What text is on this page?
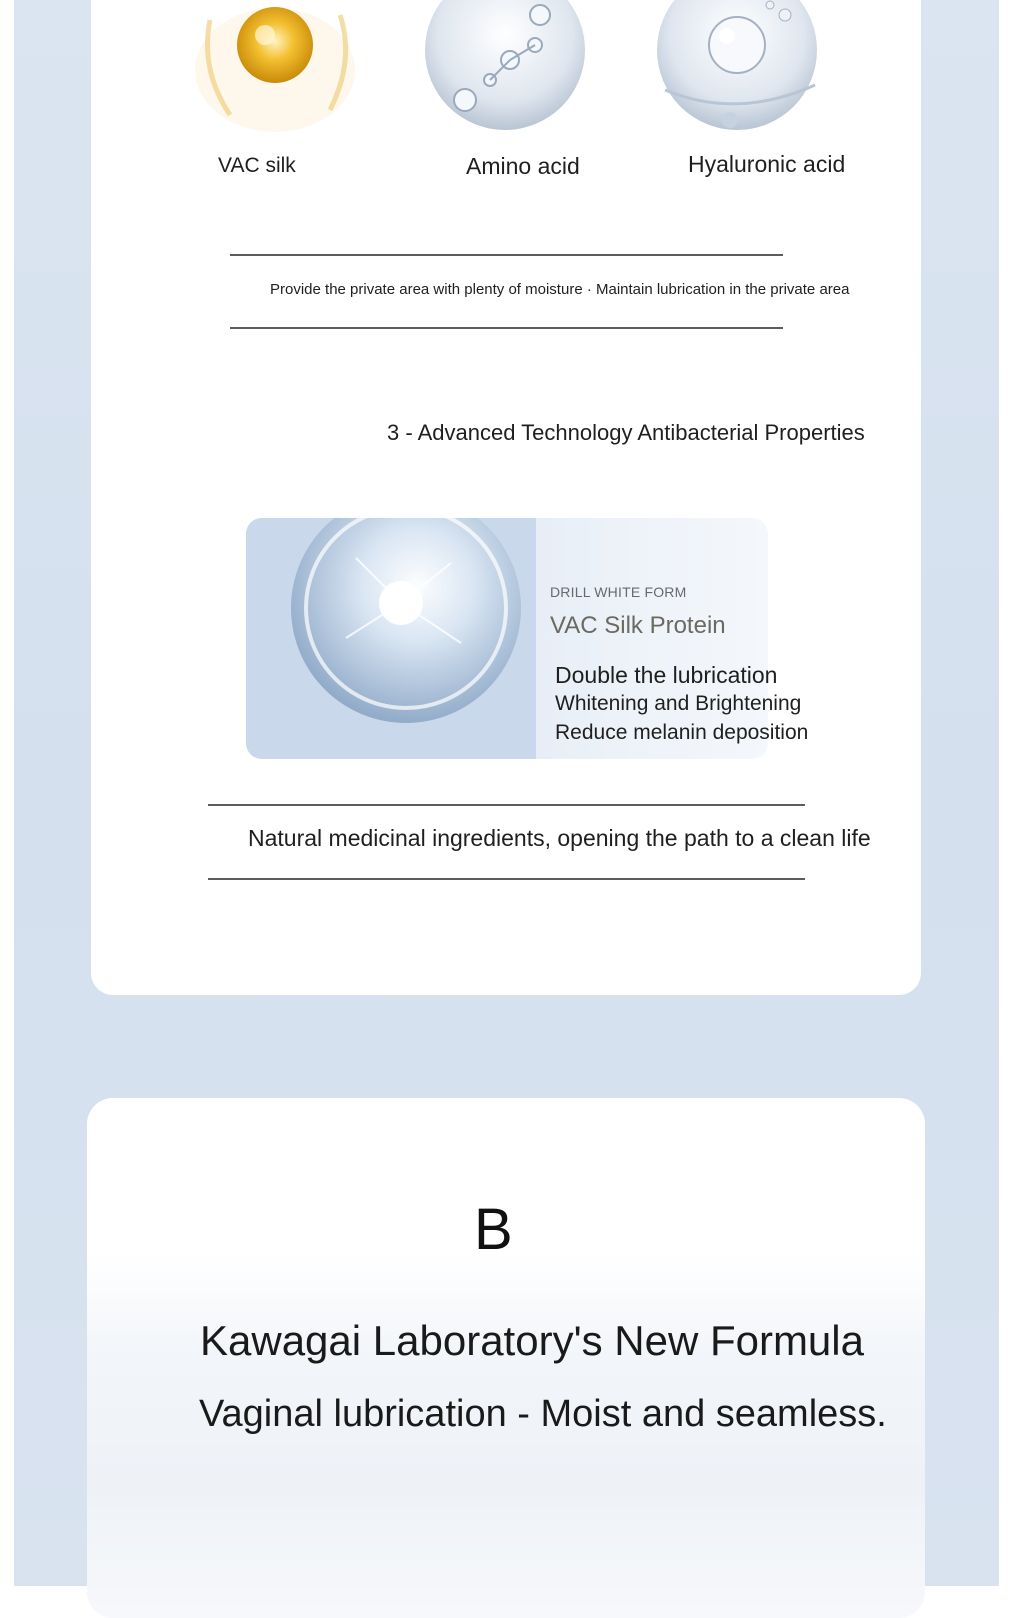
VAC silk	Amino acid	Hyaluronic acid
Provide the private area with plenty of moisture · Maintain lubrication in the private area
3 - Advanced Technology Antibacterial Properties
DRILL WHITE FORM
VAC Silk Protein
Double the lubrication
Whitening and Brightening
Reduce melanin deposition
Natural medicinal ingredients, opening the path to a clean life
B
Kawagai Laboratory's New Formula
Vaginal lubrication - Moist and seamless.
